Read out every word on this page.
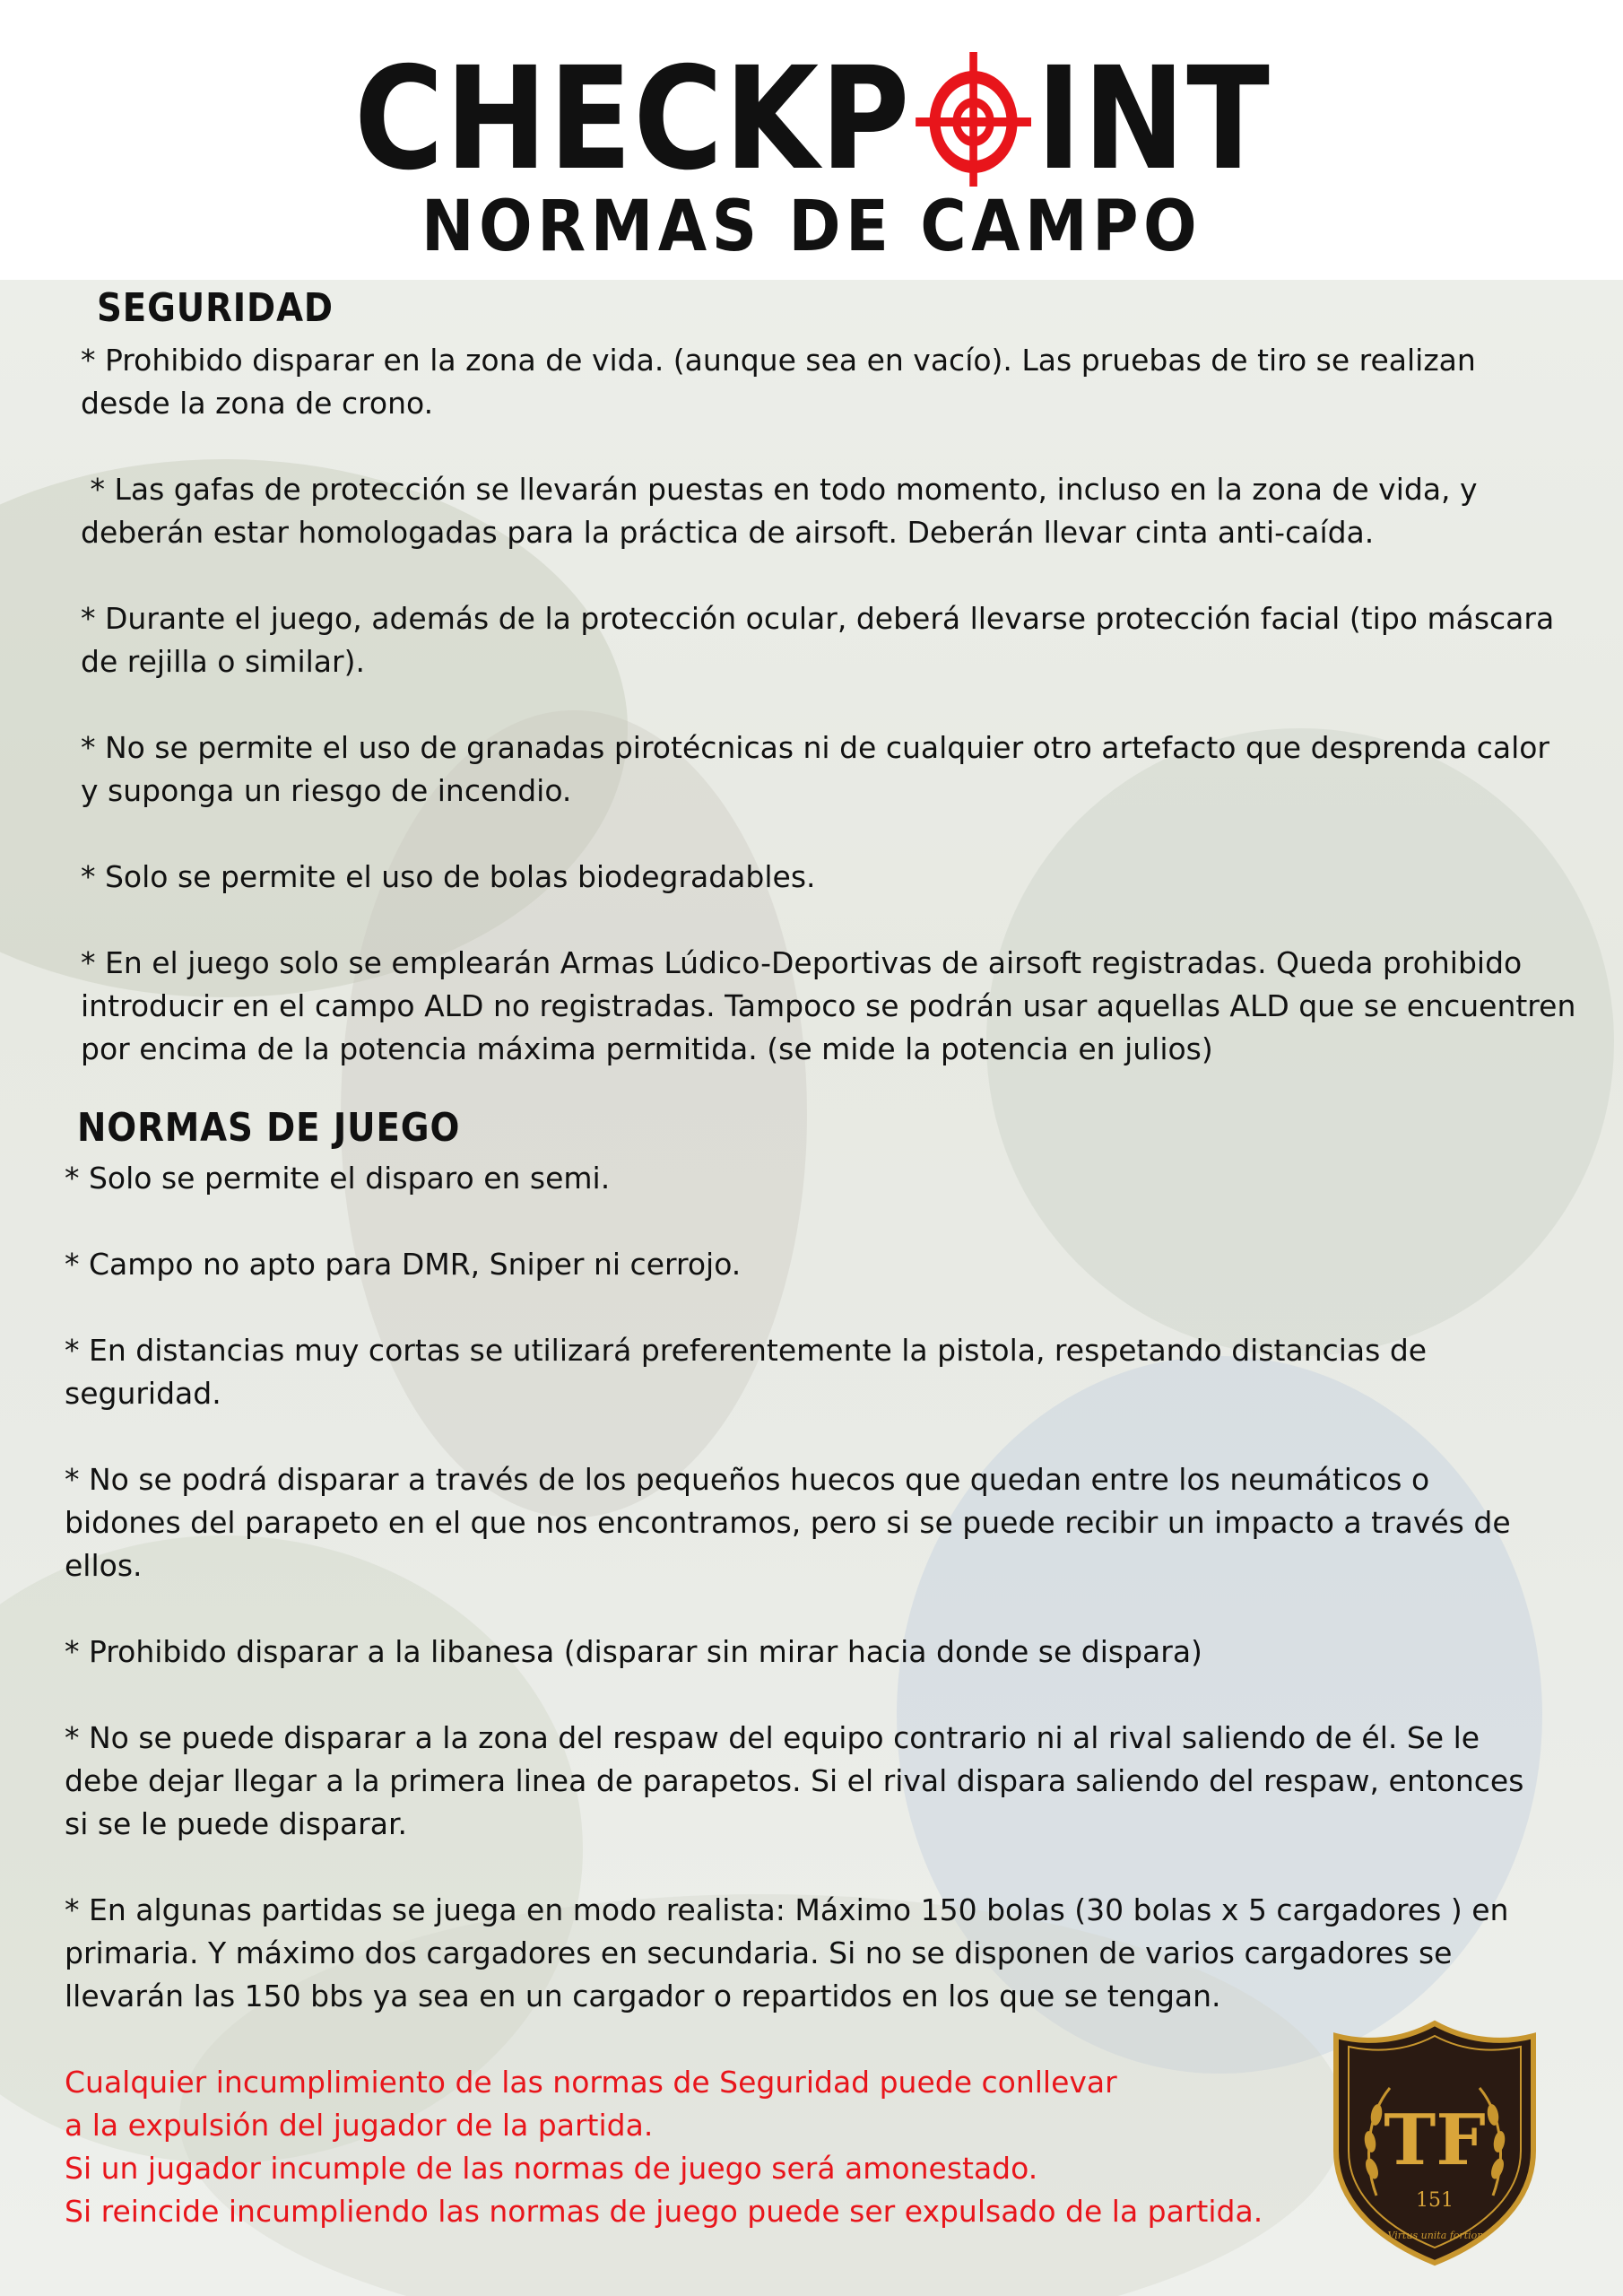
CHECKP INT
NORMAS DE CAMPO
SEGURIDAD

* Prohibido disparar en la zona de vida. (aunque sea en vacío). Las pruebas de tiro se realizan desde la zona de crono.

* Las gafas de protección se llevarán puestas en todo momento, incluso en la zona de vida, y deberán estar homologadas para la práctica de airsoft. Deberán llevar cinta anti-caída.

* Durante el juego, además de la protección ocular, deberá llevarse protección facial (tipo máscara de rejilla o similar).

* No se permite el uso de granadas pirotécnicas ni de cualquier otro artefacto que desprenda calor y suponga un riesgo de incendio.

* Solo se permite el uso de bolas biodegradables.

* En el juego solo se emplearán Armas Lúdico-Deportivas de airsoft registradas. Queda prohibido introducir en el campo ALD no registradas. Tampoco se podrán usar aquellas ALD que se encuentren por encima de la potencia máxima permitida. (se mide la potencia en julios)

NORMAS DE JUEGO

* Solo se permite el disparo en semi.

* Campo no apto para DMR, Sniper ni cerrojo.

* En distancias muy cortas se utilizará preferentemente la pistola, respetando distancias de seguridad.

* No se podrá disparar a través de los pequeños huecos que quedan entre los neumáticos o bidones del parapeto en el que nos encontramos, pero si se puede recibir un impacto a través de ellos.

* Prohibido disparar a la libanesa (disparar sin mirar hacia donde se dispara)

* No se puede disparar a la zona del respaw del equipo contrario ni al rival saliendo de él. Se le debe dejar llegar a la primera linea de parapetos. Si el rival dispara saliendo del respaw, entonces si se le puede disparar.

* En algunas partidas se juega en modo realista: Máximo 150 bolas (30 bolas x 5 cargadores ) en primaria. Y máximo dos cargadores en secundaria. Si no se disponen de varios cargadores se llevarán las 150 bbs ya sea en un cargador o repartidos en los que se tengan.

Cualquier incumplimiento de las normas de Seguridad puede conllevar
a la expulsión del jugador de la partida.
Si un jugador incumple de las normas de juego será amonestado.
Si reincide incumpliendo las normas de juego puede ser expulsado de la partida.
TF
151
Virtus unita fortior
